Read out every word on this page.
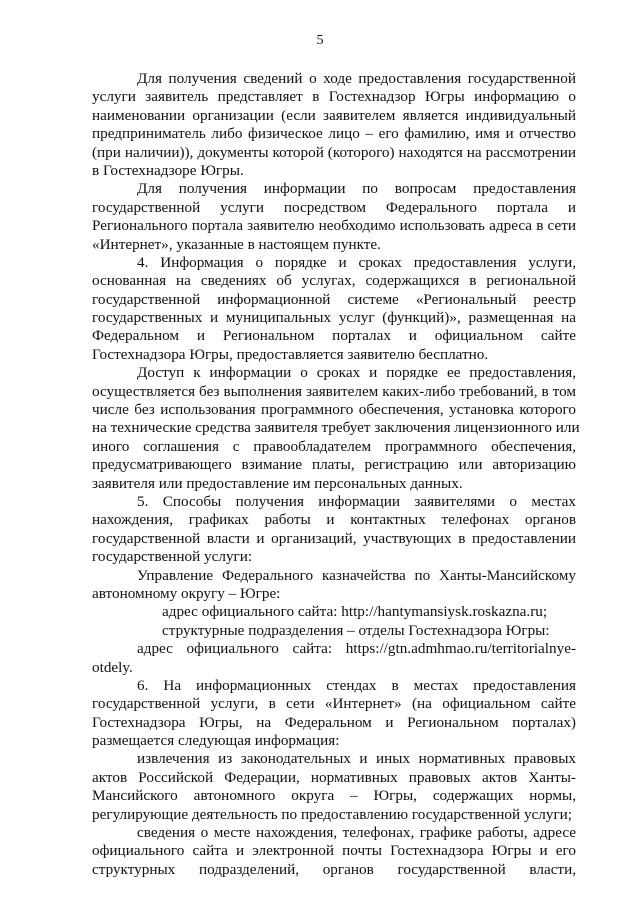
5
Для получения сведений о ходе предоставления государственной
услуги заявитель представляет в Гостехнадзор Югры информацию о
наименовании организации (если заявителем является индивидуальный
предприниматель либо физическое лицо – его фамилию, имя и отчество
(при наличии)), документы которой (которого) находятся на рассмотрении
в Гостехнадзоре Югры.
Для получения информации по вопросам предоставления
государственной услуги посредством Федерального портала и
Регионального портала заявителю необходимо использовать адреса в сети
«Интернет», указанные в настоящем пункте.
4. Информация о порядке и сроках предоставления услуги,
основанная на сведениях об услугах, содержащихся в региональной
государственной информационной системе «Региональный реестр
государственных и муниципальных услуг (функций)», размещенная на
Федеральном и Региональном порталах и официальном сайте
Гостехнадзора Югры, предоставляется заявителю бесплатно.
Доступ к информации о сроках и порядке ее предоставления,
осуществляется без выполнения заявителем каких-либо требований, в том
числе без использования программного обеспечения, установка которого
на технические средства заявителя требует заключения лицензионного или
иного соглашения с правообладателем программного обеспечения,
предусматривающего взимание платы, регистрацию или авторизацию
заявителя или предоставление им персональных данных.
5. Способы получения информации заявителями о местах
нахождения, графиках работы и контактных телефонах органов
государственной власти и организаций, участвующих в предоставлении
государственной услуги:
Управление Федерального казначейства по Ханты-Мансийскому
автономному округу – Югре:
адрес официального сайта: http://hantymansiysk.roskazna.ru;
структурные подразделения – отделы Гостехнадзора Югры:
адрес официального сайта: https://gtn.admhmao.ru/territorialnye-
otdely.
6. На информационных стендах в местах предоставления
государственной услуги, в сети «Интернет» (на официальном сайте
Гостехнадзора Югры, на Федеральном и Региональном порталах)
размещается следующая информация:
извлечения из законодательных и иных нормативных правовых
актов Российской Федерации, нормативных правовых актов Ханты-
Мансийского автономного округа – Югры, содержащих нормы,
регулирующие деятельность по предоставлению государственной услуги;
сведения о месте нахождения, телефонах, графике работы, адресе
официального сайта и электронной почты Гостехнадзора Югры и его
структурных подразделений, органов государственной власти,
